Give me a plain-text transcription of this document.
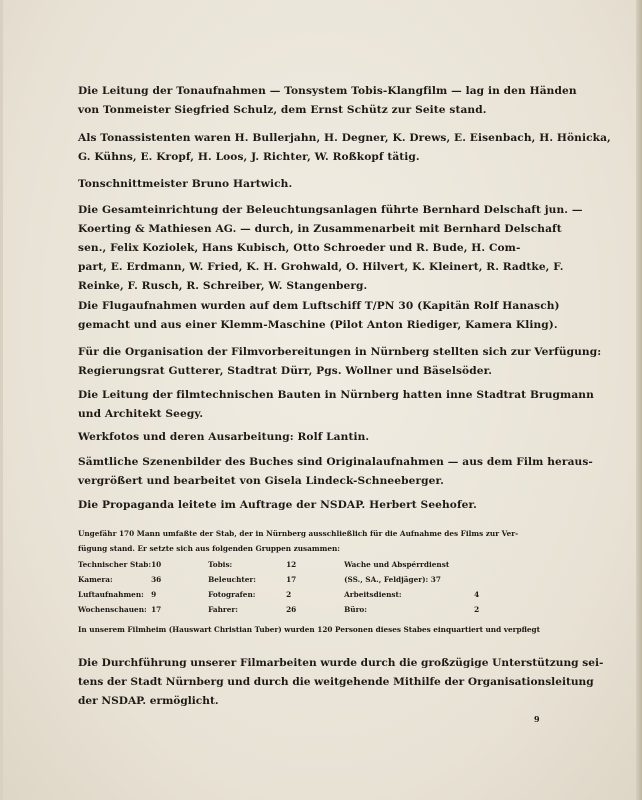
Die Leitung der Tonaufnahmen — Tonsystem Tobis-Klangfilm — lag in den Händen
von Tonmeister Siegfried Schulz, dem Ernst Schütz zur Seite stand.

Als Tonassistenten waren H. Bullerjahn, H. Degner, K. Drews, E. Eisenbach, H. Hönicka,
G. Kühns, E. Kropf, H. Loos, J. Richter, W. Roßkopf tätig.

Tonschnittmeister Bruno Hartwich.

Die Gesamteinrichtung der Beleuchtungsanlagen führte Bernhard Delschaft jun. —
Koerting & Mathiesen AG. — durch, in Zusammenarbeit mit Bernhard Delschaft
sen., Felix Koziolek, Hans Kubisch, Otto Schroeder und R. Bude, H. Com-
part, E. Erdmann, W. Fried, K. H. Grohwald, O. Hilvert, K. Kleinert, R. Radtke, F.
Reinke, F. Rusch, R. Schreiber, W. Stangenberg.

Die Flugaufnahmen wurden auf dem Luftschiff T/PN 30 (Kapitän Rolf Hanasch)
gemacht und aus einer Klemm-Maschine (Pilot Anton Riediger, Kamera Kling).

Für die Organisation der Filmvorbereitungen in Nürnberg stellten sich zur Verfügung:
Regierungsrat Gutterer, Stadtrat Dürr, Pgs. Wollner und Bäselsöder.

Die Leitung der filmtechnischen Bauten in Nürnberg hatten inne Stadtrat Brugmann
und Architekt Seegy.

Werkfotos und deren Ausarbeitung: Rolf Lantin.

Sämtliche Szenenbilder des Buches sind Originalaufnahmen — aus dem Film heraus-
vergrößert und bearbeitet von Gisela Lindeck-Schneeberger.

Die Propaganda leitete im Auftrage der NSDAP. Herbert Seehofer.

Ungefähr 170 Mann umfaßte der Stab, der in Nürnberg ausschließlich für die Aufnahme des Films zur Ver-
fügung stand. Er setzte sich aus folgenden Gruppen zusammen:

Technischer Stab:	10	Tobis:	12	Wache und Abspérrdienst	
Kamera:	36	Beleuchter:	17	(SS., SA., Feldjäger): 37	
Luftaufnahmen:	9	Fotografen:	2	Arbeitsdienst:	4
Wochenschauen:	17	Fahrer:	26	Büro:	2

In unserem Filmheim (Hauswart Christian Tuber) wurden 120 Personen dieses Stabes einquartiert und verpflegt

Die Durchführung unserer Filmarbeiten wurde durch die großzügige Unterstützung sei-
tens der Stadt Nürnberg und durch die weitgehende Mithilfe der Organisationsleitung
der NSDAP. ermöglicht.

9
